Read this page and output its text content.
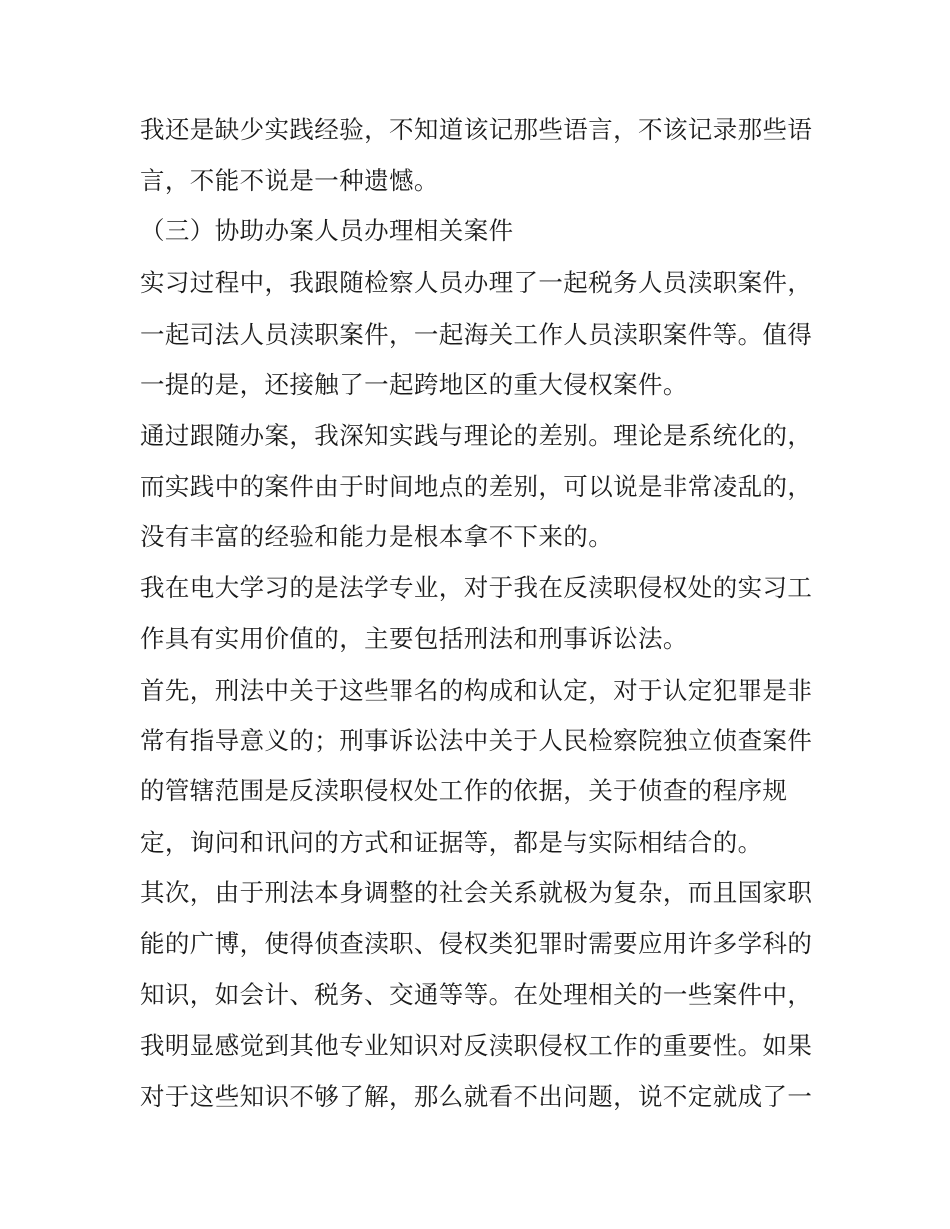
我还是缺少实践经验，不知道该记那些语言，不该记录那些语
言，不能不说是一种遗憾。
（三）协助办案人员办理相关案件
实习过程中，我跟随检察人员办理了一起税务人员渎职案件，
一起司法人员渎职案件，一起海关工作人员渎职案件等。值得
一提的是，还接触了一起跨地区的重大侵权案件。
通过跟随办案，我深知实践与理论的差别。理论是系统化的，
而实践中的案件由于时间地点的差别，可以说是非常凌乱的，
没有丰富的经验和能力是根本拿不下来的。
我在电大学习的是法学专业，对于我在反渎职侵权处的实习工
作具有实用价值的，主要包括刑法和刑事诉讼法。
首先，刑法中关于这些罪名的构成和认定，对于认定犯罪是非
常有指导意义的；刑事诉讼法中关于人民检察院独立侦查案件
的管辖范围是反渎职侵权处工作的依据，关于侦查的程序规
定，询问和讯问的方式和证据等，都是与实际相结合的。
其次，由于刑法本身调整的社会关系就极为复杂，而且国家职
能的广博，使得侦查渎职、侵权类犯罪时需要应用许多学科的
知识，如会计、税务、交通等等。在处理相关的一些案件中，
我明显感觉到其他专业知识对反渎职侵权工作的重要性。如果
对于这些知识不够了解，那么就看不出问题，说不定就成了一
